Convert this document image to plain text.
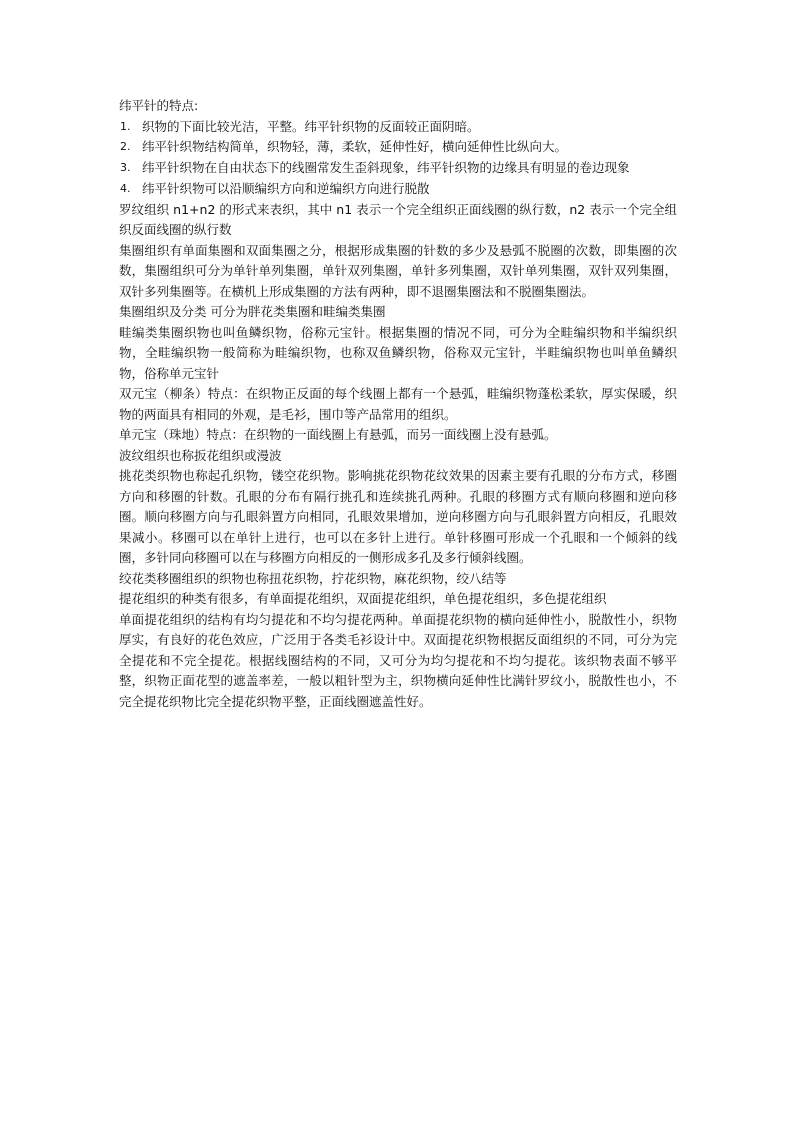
纬平针的特点:

1. 织物的下面比较光洁，平整。纬平针织物的反面较正面阴暗。
2. 纬平针织物结构简单，织物轻，薄，柔软，延伸性好，横向延伸性比纵向大。
3. 纬平针织物在自由状态下的线圈常发生歪斜现象，纬平针织物的边缘具有明显的卷边现象
4. 纬平针织物可以沿顺编织方向和逆编织方向进行脱散

罗纹组织 n1+n2 的形式来表织，其中 n1 表示一个完全组织正面线圈的纵行数，n2 表示一个完全组织反面线圈的纵行数

集圈组织有单面集圈和双面集圈之分，根据形成集圈的针数的多少及悬弧不脱圈的次数，即集圈的次数，集圈组织可分为单针单列集圈，单针双列集圈，单针多列集圈，双针单列集圈，双针双列集圈，双针多列集圈等。在横机上形成集圈的方法有两种，即不退圈集圈法和不脱圈集圈法。

集圈组织及分类 可分为胖花类集圈和畦编类集圈

畦编类集圈织物也叫鱼鳞织物，俗称元宝针。根据集圈的情况不同，可分为全畦编织物和半编织织物，全畦编织物一般简称为畦编织物，也称双鱼鳞织物，俗称双元宝针，半畦编织物也叫单鱼鳞织物，俗称单元宝针

双元宝（柳条）特点：在织物正反面的每个线圈上都有一个悬弧，畦编织物蓬松柔软，厚实保暖，织物的两面具有相同的外观，是毛衫，围巾等产品常用的组织。

单元宝（珠地）特点：在织物的一面线圈上有悬弧，而另一面线圈上没有悬弧。

波纹组织也称扳花组织或漫波

挑花类织物也称起孔织物，镂空花织物。影响挑花织物花纹效果的因素主要有孔眼的分布方式，移圈方向和移圈的针数。孔眼的分布有隔行挑孔和连续挑孔两种。孔眼的移圈方式有顺向移圈和逆向移圈。顺向移圈方向与孔眼斜置方向相同，孔眼效果增加，逆向移圈方向与孔眼斜置方向相反，孔眼效果减小。移圈可以在单针上进行，也可以在多针上进行。单针移圈可形成一个孔眼和一个倾斜的线圈，多针同向移圈可以在与移圈方向相反的一侧形成多孔及多行倾斜线圈。

绞花类移圈组织的织物也称扭花织物，拧花织物，麻花织物，绞八结等

提花组织的种类有很多，有单面提花组织，双面提花组织，单色提花组织，多色提花组织

单面提花组织的结构有均匀提花和不均匀提花两种。单面提花织物的横向延伸性小，脱散性小，织物厚实，有良好的花色效应，广泛用于各类毛衫设计中。双面提花织物根据反面组织的不同，可分为完全提花和不完全提花。根据线圈结构的不同，又可分为均匀提花和不均匀提花。该织物表面不够平整，织物正面花型的遮盖率差，一般以粗针型为主，织物横向延伸性比满针罗纹小，脱散性也小，不完全提花织物比完全提花织物平整，正面线圈遮盖性好。
